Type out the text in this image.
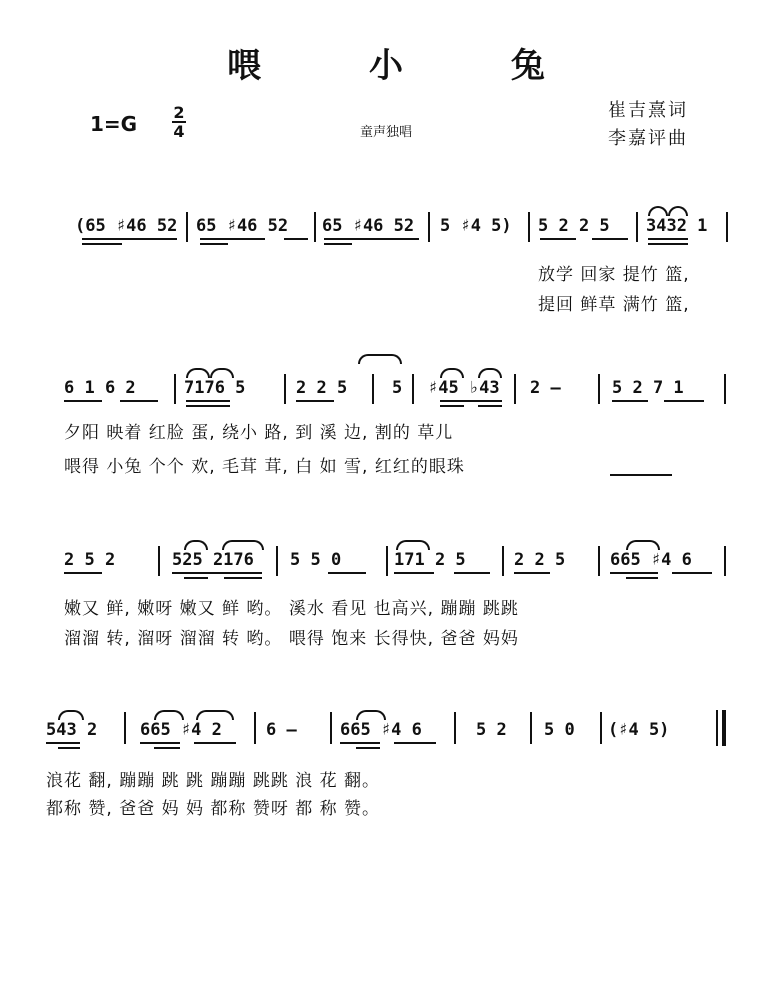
喂 小 兔
1=G 2
4	童声独唱
崔吉熹词
李嘉评曲
(65 ♯46 52 65 ♯46 52 65 ♯46 52 5 ♯4 5) 5 2 2 5 3432 1
放学 回家 提竹 篮,
提回 鲜草 满竹 篮,
6 1 6 2	7176 5	2 2 5	5 ♯45 ♭43 2 —	5 2 7 1
夕阳 映着 红脸 蛋, 绕小 路, 到 溪 边, 割的 草儿
喂得 小兔 个个 欢, 毛茸 茸, 白 如 雪, 红红的眼珠
2 5 2	525 2176 5 5 0	171 2 5	2 2 5	665 ♯4 6
嫩又 鲜, 嫩呀 嫩又 鲜 哟。 溪水 看见 也高兴, 蹦蹦 跳跳
溜溜 转, 溜呀 溜溜 转 哟。 喂得 饱来 长得快, 爸爸 妈妈
543 2	665 ♯4 2	6 —	665 ♯4 6	5 2 5 0 (♯4 5)
浪花 翻, 蹦蹦 跳 跳 蹦蹦 跳跳 浪 花 翻。
都称 赞, 爸爸 妈 妈 都称 赞呀 都 称 赞。
